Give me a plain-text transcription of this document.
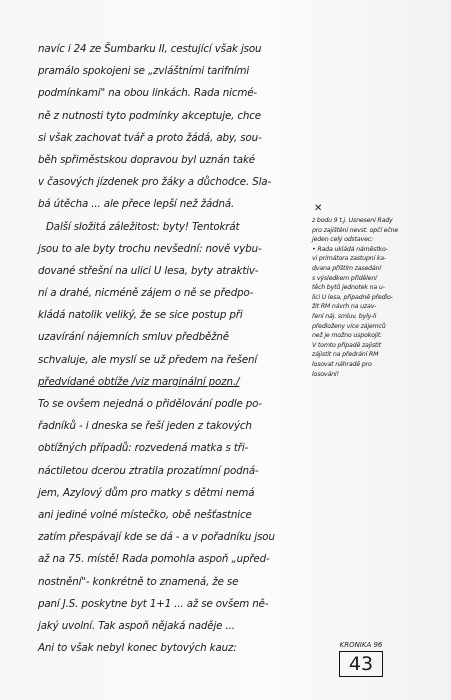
navíc i 24 ze Šumbarku II, cestující však jsou
pramálo spokojeni se „zvláštními tarifními
podmínkami" na obou linkách. Rada nicmé-
ně z nutnosti tyto podmínky akceptuje, chce
si však zachovat tvář a proto žádá, aby, sou-
běh spřiměstskou dopravou byl uznán také
v časových jízdenek pro žáky a důchodce. Sla-
bá útěcha ... ale přece lepší než žádná.
Další složitá záležitost: byty! Tentokrát
jsou to ale byty trochu nevšední: nově vybu-
dované střešní na ulici U lesa, byty atraktiv-
ní a drahé, nicméně zájem o ně se předpo-
kládá natolik veliký, že se sice postup při
uzavírání nájemních smluv předběžně
schvaluje, ale myslí se už předem na řešení
předvídané obtíže /viz marginální pozn./
To se ovšem nejedná o přidělování podle po-
řadníků - i dneska se řeší jeden z takových
obtížných případů: rozvedená matka s tři-
náctiletou dcerou ztratila prozatímní podná-
jem, Azylový dům pro matky s dětmi nemá
ani jediné volné místečko, obě nešťastnice
zatím přespávají kde se dá - a v pořadníku jsou
až na 75. místě! Rada pomohla aspoň „upřed-
nostnění"- konkrétně to znamená, že se
paní J.S. poskytne byt 1+1 ... až se ovšem ně-
jaký uvolní. Tak aspoň nějaká naděje ...
Ani to však nebyl konec bytových kauz:
✕
z bodu 9 t.j. Usnesení Rady
pro zajištění nevst. opčí ečne
jeden celý odstavec:
• Rada ukládá náměstko-
vi primátora zastupní ka-
dvana příštím zasedání
s výsledkem přidělení
těch bytů jednotek na u-
lici U lesa, připadně předlo-
žit RM návrh na uzav-
ření náj. smluv, byly-li
předloženy více zájemců
než je možno uspokojit.
V tomto případě zajistit
zájistit na předrání RM
losovat náhradě pro
losování!
KRONIKA 96
43
